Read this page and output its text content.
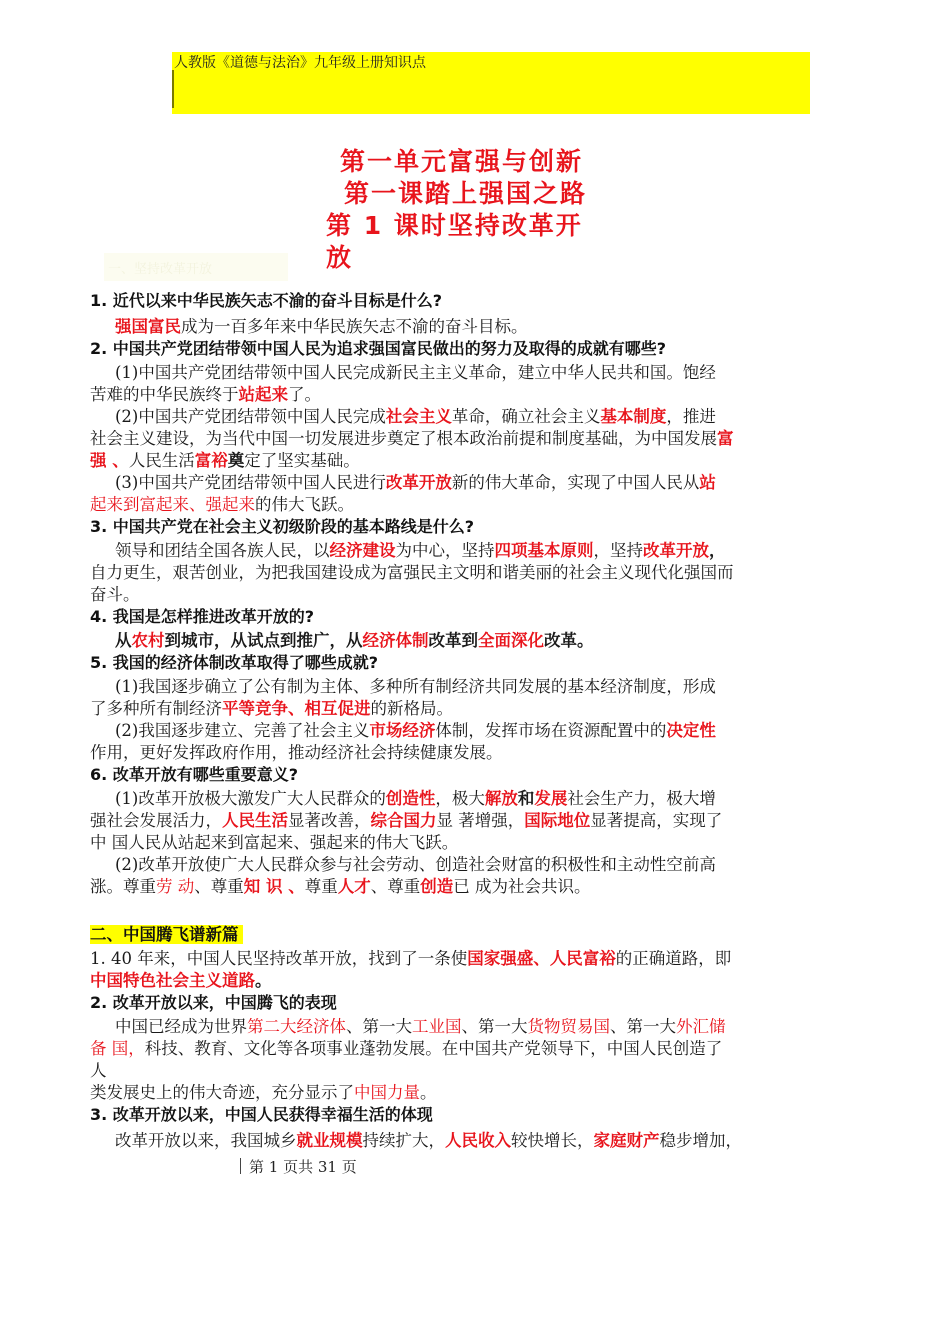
人教版《道德与法治》九年级上册知识点
第一单元富强与创新
第一课踏上强国之路
第 1 课时坚持改革开
放
一、坚持改革开放
1. 近代以来中华民族矢志不渝的奋斗目标是什么?
强国富民成为一百多年来中华民族矢志不渝的奋斗目标。
2. 中国共产党团结带领中国人民为追求强国富民做出的努力及取得的成就有哪些?
(1)中国共产党团结带领中国人民完成新民主主义革命，建立中华人民共和国。饱经
苦难的中华民族终于站起来了。
(2)中国共产党团结带领中国人民完成社会主义革命，确立社会主义基本制度，推进
社会主义建设，为当代中国一切发展进步奠定了根本政治前提和制度基础，为中国发展富
强 、人民生活富裕奠定了坚实基础。
(3)中国共产党团结带领中国人民进行改革开放新的伟大革命，实现了中国人民从站
起来到富起来、强起来的伟大飞跃。
3. 中国共产党在社会主义初级阶段的基本路线是什么?
领导和团结全国各族人民，以经济建设为中心，坚持四项基本原则，坚持改革开放，
自力更生，艰苦创业，为把我国建设成为富强民主文明和谐美丽的社会主义现代化强国而
奋斗。
4. 我国是怎样推进改革开放的?
从农村到城市，从试点到推广，从经济体制改革到全面深化改革。
5. 我国的经济体制改革取得了哪些成就?
(1)我国逐步确立了公有制为主体、多种所有制经济共同发展的基本经济制度，形成
了多种所有制经济平等竞争、相互促进的新格局。
(2)我国逐步建立、完善了社会主义市场经济体制，发挥市场在资源配置中的决定性
作用，更好发挥政府作用，推动经济社会持续健康发展。
6. 改革开放有哪些重要意义?
(1)改革开放极大激发广大人民群众的创造性，极大解放和发展社会生产力，极大增
强社会发展活力，人民生活显著改善，综合国力显 著增强，国际地位显著提高，实现了
中 国人民从站起来到富起来、强起来的伟大飞跃。
(2)改革开放使广大人民群众参与社会劳动、创造社会财富的积极性和主动性空前高
涨。尊重劳 动、尊重知 识 、尊重人才、尊重创造已 成为社会共识。
二、中国腾飞谱新篇
1. 40 年来，中国人民坚持改革开放，找到了一条使国家强盛、人民富裕的正确道路，即
中国特色社会主义道路。
2. 改革开放以来，中国腾飞的表现
中国已经成为世界第二大经济体、第一大工业国、第一大货物贸易国、第一大外汇储
备 国，科技、教育、文化等各项事业蓬勃发展。在中国共产党领导下，中国人民创造了
人
类发展史上的伟大奇迹，充分显示了中国力量。
3. 改革开放以来，中国人民获得幸福生活的体现
改革开放以来，我国城乡就业规模持续扩大，人民收入较快增长，家庭财产稳步增加，
第 1 页共 31 页
